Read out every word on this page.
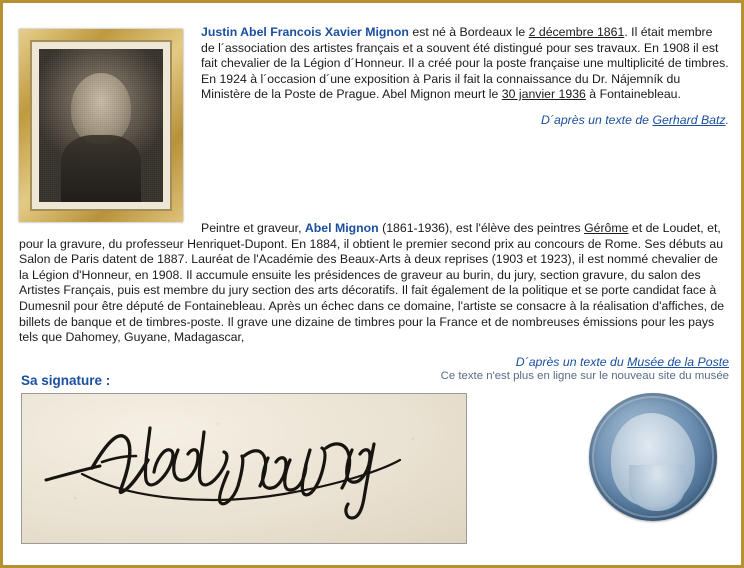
Justin Abel Francois Xavier Mignon est né à Bordeaux le 2 décembre 1861. Il était membre de l´association des artistes français et a souvent été distingué pour ses travaux. En 1908 il est fait chevalier de la Légion d´Honneur. Il a créé pour la poste française une multiplicité de timbres. En 1924 à l´occasion d´une exposition à Paris il fait la connaissance du Dr. Nájemník du Ministère de la Poste de Prague. Abel Mignon meurt le 30 janvier 1936 à Fontainebleau.

D´après un texte de Gerhard Batz.

Peintre et graveur, Abel Mignon (1861-1936), est l'élève des peintres Gérôme et de Loudet, et, pour la gravure, du professeur Henriquet-Dupont. En 1884, il obtient le premier second prix au concours de Rome. Ses débuts au Salon de Paris datent de 1887. Lauréat de l'Académie des Beaux-Arts à deux reprises (1903 et 1923), il est nommé chevalier de la Légion d'Honneur, en 1908. Il accumule ensuite les présidences de graveur au burin, du jury, section gravure, du salon des Artistes Français, puis est membre du jury section des arts décoratifs. Il fait également de la politique et se porte candidat face à Dumesnil pour être député de Fontainebleau. Après un échec dans ce domaine, l'artiste se consacre à la réalisation d'affiches, de billets de banque et de timbres-poste. Il grave une dizaine de timbres pour la France et de nombreuses émissions pour les pays tels que Dahomey, Guyane, Madagascar,

D´après un texte du Musée de la Poste
Ce texte n'est plus en ligne sur le nouveau site du musée
Sa signature :
